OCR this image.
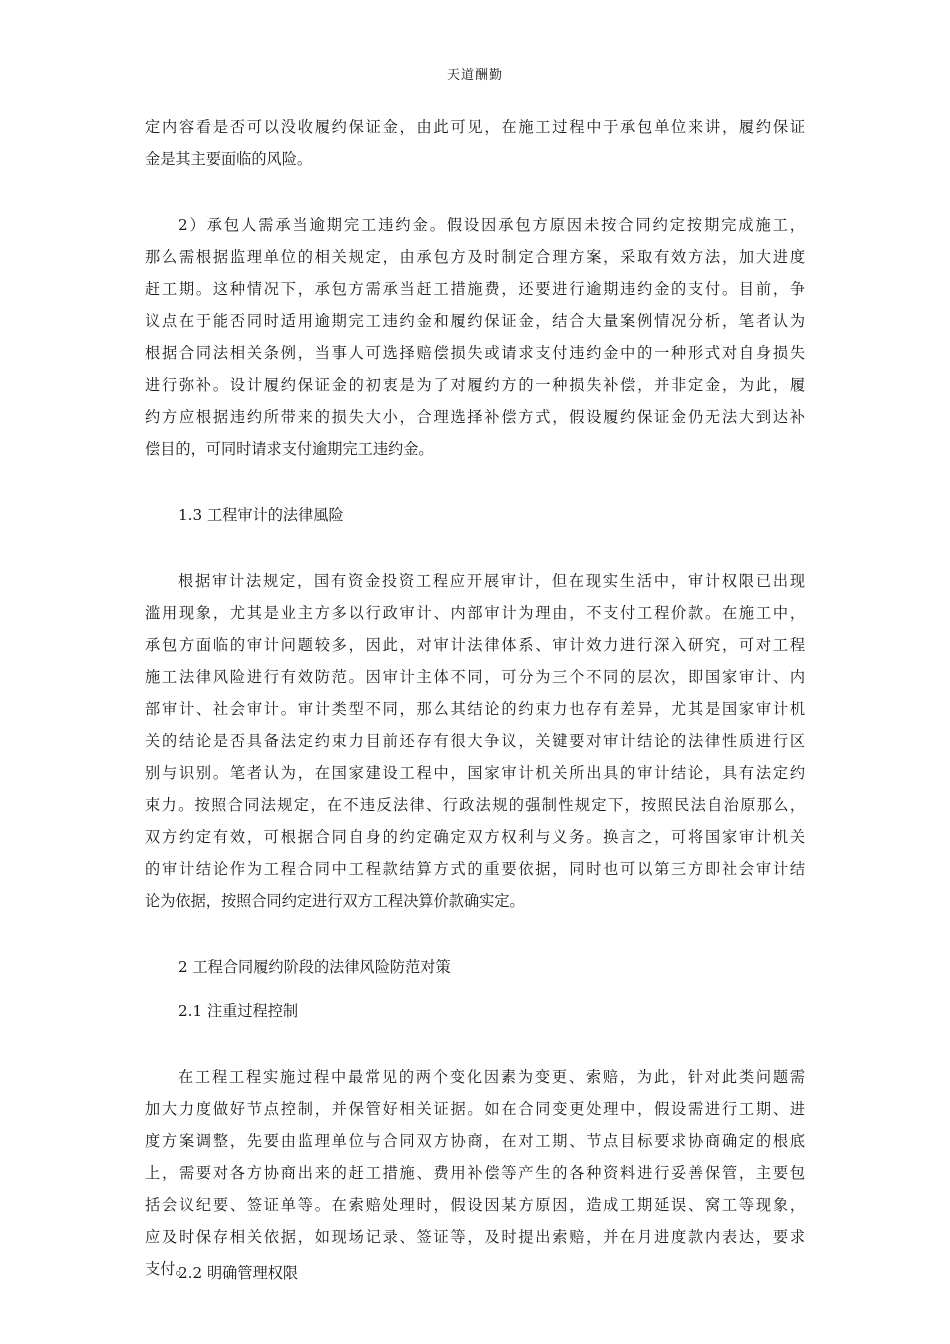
天道酬勤
定内容看是否可以没收履约保证金，由此可见，在施工过程中于承包单位来讲，履约保证
金是其主要面临的风险。
2）承包人需承当逾期完工违约金。假设因承包方原因未按合同约定按期完成施工，
那么需根据监理单位的相关规定，由承包方及时制定合理方案，采取有效方法，加大进度
赶工期。这种情况下，承包方需承当赶工措施费，还要进行逾期违约金的支付。目前，争
议点在于能否同时适用逾期完工违约金和履约保证金，结合大量案例情况分析，笔者认为
根据合同法相关条例，当事人可选择赔偿损失或请求支付违约金中的一种形式对自身损失
进行弥补。设计履约保证金的初衷是为了对履约方的一种损失补偿，并非定金，为此，履
约方应根据违约所带来的损失大小，合理选择补偿方式，假设履约保证金仍无法大到达补
偿目的，可同时请求支付逾期完工违约金。
1.3 工程审计的法律風险
根据审计法规定，国有资金投资工程应开展审计，但在现实生活中，审计权限已出现
滥用现象，尤其是业主方多以行政审计、内部审计为理由，不支付工程价款。在施工中，
承包方面临的审计问题较多，因此，对审计法律体系、审计效力进行深入研究，可对工程
施工法律风险进行有效防范。因审计主体不同，可分为三个不同的层次，即国家审计、内
部审计、社会审计。审计类型不同，那么其结论的约束力也存有差异，尤其是国家审计机
关的结论是否具备法定约束力目前还存有很大争议，关键要对审计结论的法律性质进行区
别与识别。笔者认为，在国家建设工程中，国家审计机关所出具的审计结论，具有法定约
束力。按照合同法规定，在不违反法律、行政法规的强制性规定下，按照民法自治原那么，
双方约定有效，可根据合同自身的约定确定双方权利与义务。换言之，可将国家审计机关
的审计结论作为工程合同中工程款结算方式的重要依据，同时也可以第三方即社会审计结
论为依据，按照合同约定进行双方工程决算价款确实定。
2 工程合同履约阶段的法律风险防范对策
2.1 注重过程控制
在工程工程实施过程中最常见的两个变化因素为变更、索赔，为此，针对此类问题需
加大力度做好节点控制，并保管好相关证据。如在合同变更处理中，假设需进行工期、进
度方案调整，先要由监理单位与合同双方协商，在对工期、节点目标要求协商确定的根底
上，需要对各方协商出来的赶工措施、费用补偿等产生的各种资料进行妥善保管，主要包
括会议纪要、签证单等。在索赔处理时，假设因某方原因，造成工期延误、窝工等现象，
应及时保存相关依据，如现场记录、签证等，及时提出索赔，并在月进度款内表达，要求
支付。
2.2 明确管理权限
